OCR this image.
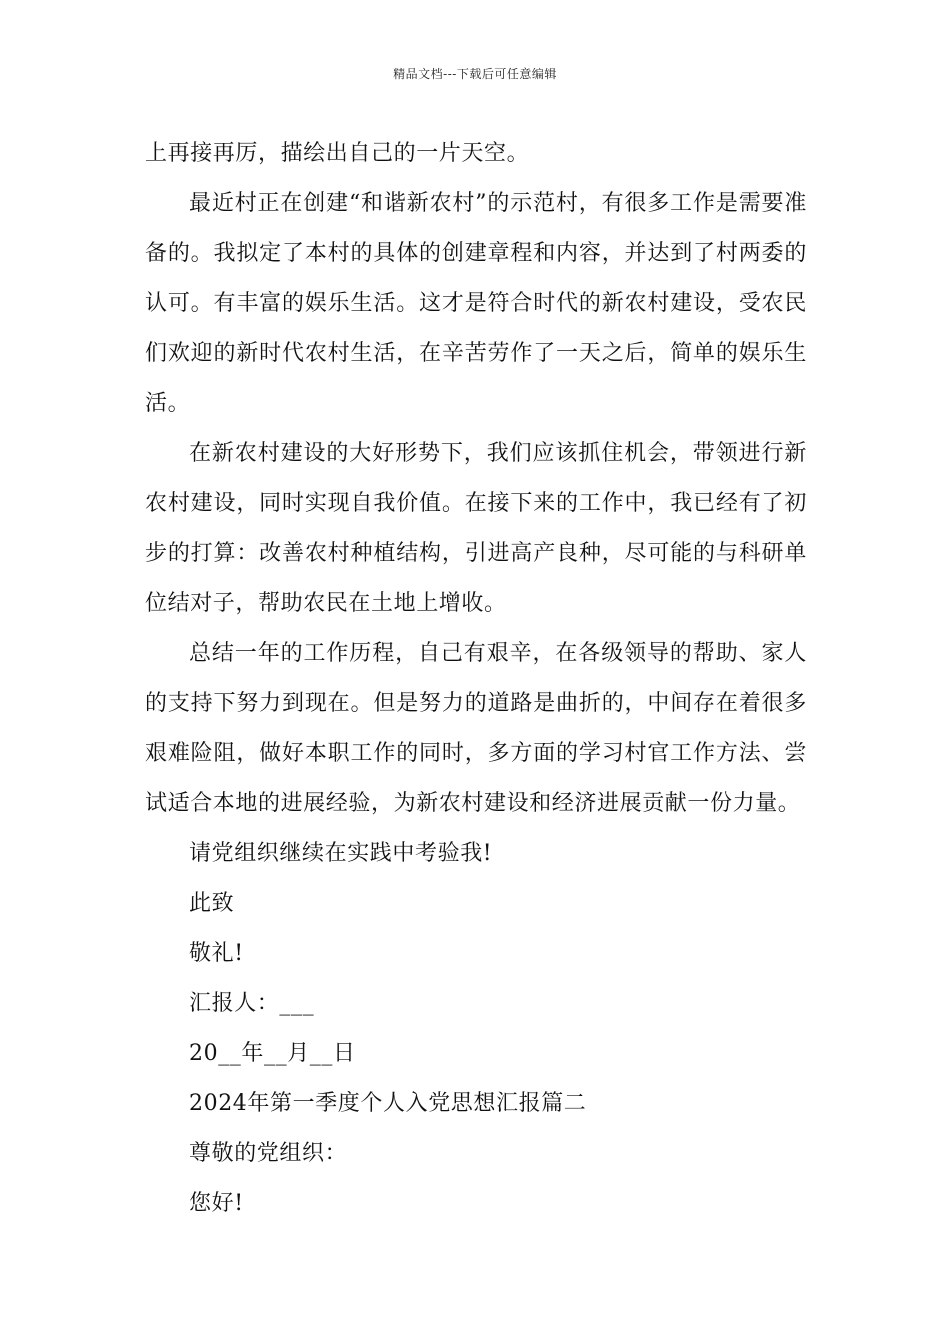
精品文档---下载后可任意编辑

上再接再厉，描绘出自己的一片天空。

最近村正在创建“和谐新农村”的示范村，有很多工作是需要准备的。我拟定了本村的具体的创建章程和内容，并达到了村两委的认可。有丰富的娱乐生活。这才是符合时代的新农村建设，受农民们欢迎的新时代农村生活，在辛苦劳作了一天之后，简单的娱乐生活。

在新农村建设的大好形势下，我们应该抓住机会，带领进行新农村建设，同时实现自我价值。在接下来的工作中，我已经有了初步的打算：改善农村种植结构，引进高产良种，尽可能的与科研单位结对子，帮助农民在土地上增收。

总结一年的工作历程，自己有艰辛，在各级领导的帮助、家人的支持下努力到现在。但是努力的道路是曲折的，中间存在着很多艰难险阻，做好本职工作的同时，多方面的学习村官工作方法、尝试适合本地的进展经验，为新农村建设和经济进展贡献一份力量。

请党组织继续在实践中考验我!

此致

敬礼!

汇报人：___

20__年__月__日

2024年第一季度个人入党思想汇报篇二

尊敬的党组织：

您好!
